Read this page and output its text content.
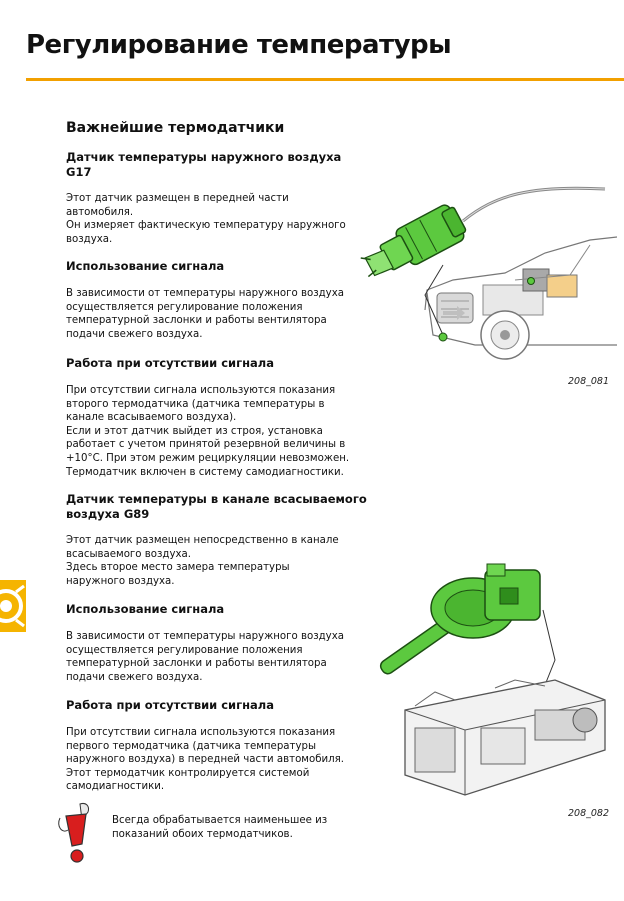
Регулирование температуры
Важнейшие термодатчики
Датчик температуры наружного воздуха
G17

Этот датчик размещен в передней части
автомобиля.
Он измеряет фактическую температуру наружного
воздуха.

Использование сигнала

В зависимости от температуры наружного воздуха
осуществляется регулирование положения
температурной заслонки и работы вентилятора
подачи свежего воздуха.

Работа при отсутствии сигнала

При отсутствии сигнала используются показания
второго термодатчика (датчика температуры в
канале всасываемого воздуха).
Если и этот датчик выйдет из строя, установка
работает с учетом принятой резервной величины в
+10°С. При этом режим рециркуляции невозможен.
Термодатчик включен в систему самодиагностики.

Датчик температуры в канале всасываемого
воздуха G89

Этот датчик размещен непосредственно в канале
всасываемого воздуха.
Здесь второе место замера температуры
наружного воздуха.

Использование сигнала

В зависимости от температуры наружного воздуха
осуществляется регулирование положения
температурной заслонки и работы вентилятора
подачи свежего воздуха.

Работа при отсутствии сигнала

При отсутствии сигнала используются показания
первого термодатчика (датчика температуры
наружного воздуха) в передней части автомобиля.
Этот термодатчик контролируется системой
самодиагностики.

208_081
208_082

Всегда обрабатывается наименьшее из
показаний обоих термодатчиков.
